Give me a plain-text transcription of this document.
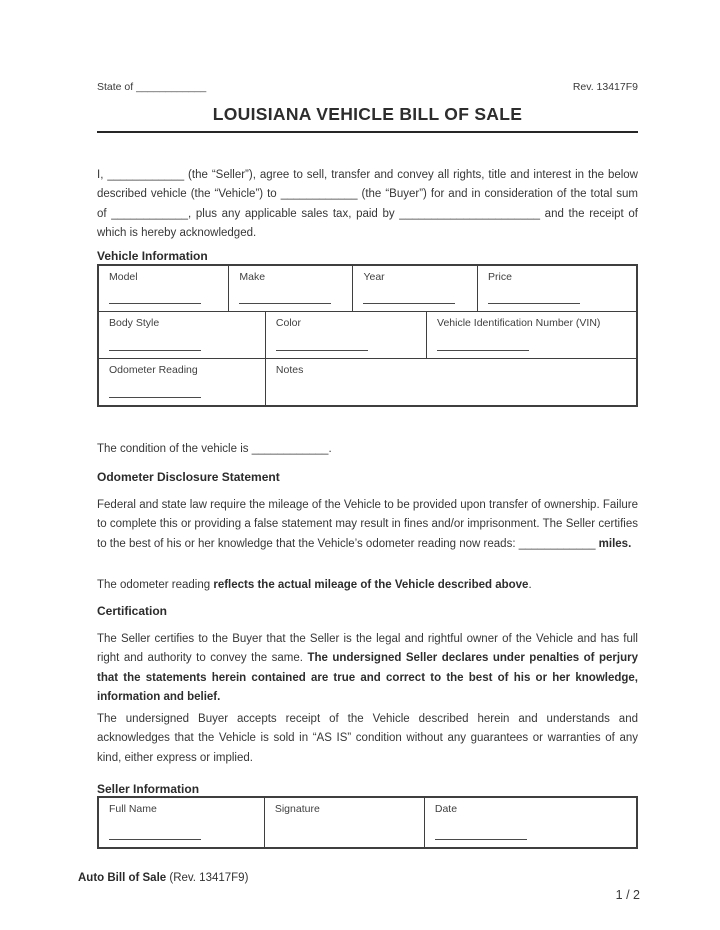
State of ____________	Rev. 13417F9
LOUISIANA VEHICLE BILL OF SALE

I, ____________ (the “Seller”), agree to sell, transfer and convey all rights, title and interest in the below described vehicle (the “Vehicle”) to ____________ (the “Buyer”) for and in consideration of the total sum of ____________, plus any applicable sales tax, paid by ______________________ and the receipt of which is hereby acknowledged.

Vehicle Information
Model	Make	Year	Price
Body Style	Color	Vehicle Identification Number (VIN)
Odometer Reading	Notes

The condition of the vehicle is ____________.

Odometer Disclosure Statement

Federal and state law require the mileage of the Vehicle to be provided upon transfer of ownership. Failure to complete this or providing a false statement may result in fines and/or imprisonment. The Seller certifies to the best of his or her knowledge that the Vehicle’s odometer reading now reads: ____________ miles.

The odometer reading reflects the actual mileage of the Vehicle described above.

Certification

The Seller certifies to the Buyer that the Seller is the legal and rightful owner of the Vehicle and has full right and authority to convey the same. The undersigned Seller declares under penalties of perjury that the statements herein contained are true and correct to the best of his or her knowledge, information and belief.

The undersigned Buyer accepts receipt of the Vehicle described herein and understands and acknowledges that the Vehicle is sold in “AS IS” condition without any guarantees or warranties of any kind, either express or implied.

Seller Information
Full Name	Signature	Date
Auto Bill of Sale (Rev. 13417F9)
1 / 2
